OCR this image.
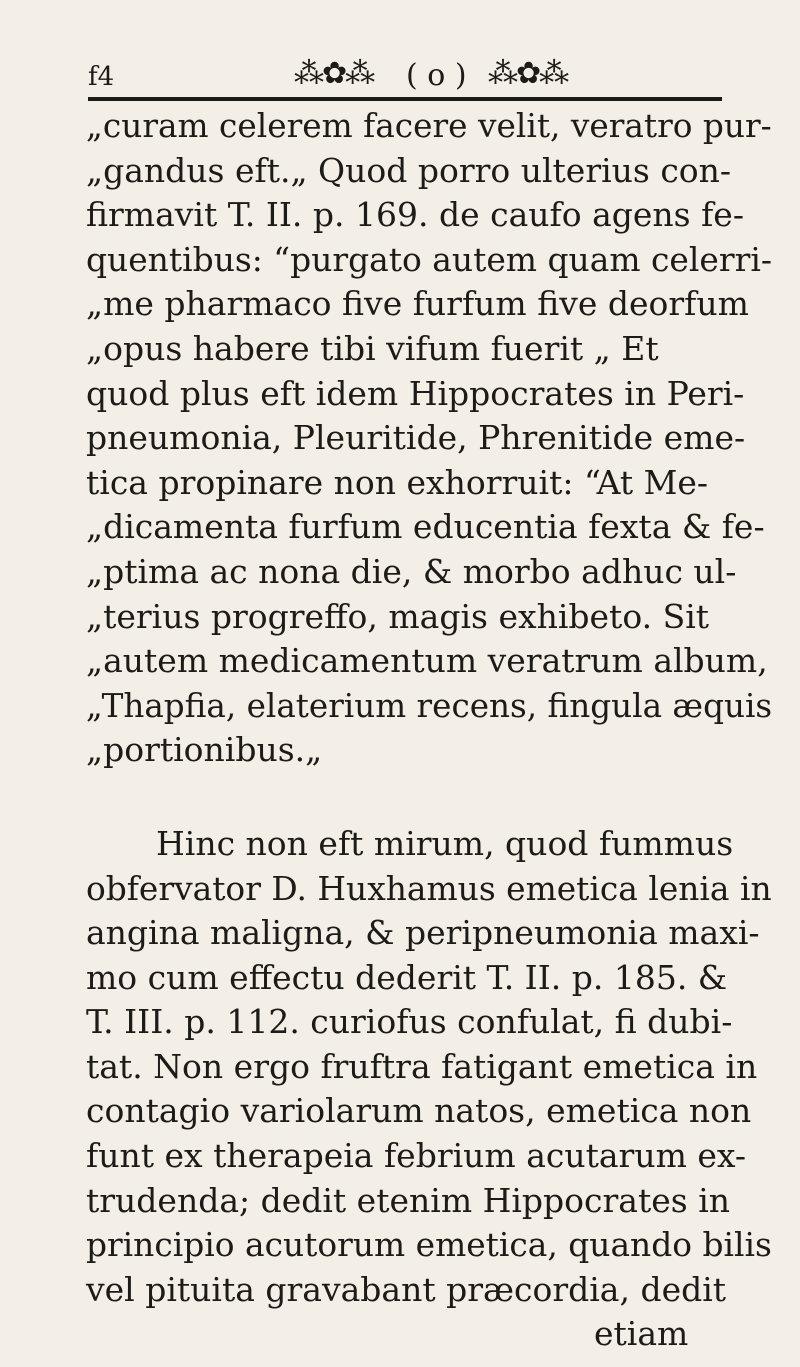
f4	⁂✿⁂ ( o ) ⁂✿⁂
„curam celerem facere velit, veratro pur-
„gandus eft.„ Quod porro ulterius con-
firmavit T. II. p. 169. de caufo agens fe-
quentibus: “purgato autem quam celerri-
„me pharmaco five furfum five deorfum
„opus habere tibi vifum fuerit „ Et
quod plus eft idem Hippocrates in Peri-
pneumonia, Pleuritide, Phrenitide eme-
tica propinare non exhorruit: “At Me-
„dicamenta furfum educentia fexta & fe-
„ptima ac nona die, & morbo adhuc ul-
„terius progreffo, magis exhibeto. Sit
„autem medicamentum veratrum album,
„Thapfia, elaterium recens, fingula æquis
„portionibus.„
Hinc non eft mirum, quod fummus
obfervator D. Huxhamus emetica lenia in
angina maligna, & peripneumonia maxi-
mo cum effectu dederit T. II. p. 185. &
T. III. p. 112. curiofus confulat, fi dubi-
tat. Non ergo fruftra fatigant emetica in
contagio variolarum natos, emetica non
funt ex therapeia febrium acutarum ex-
trudenda; dedit etenim Hippocrates in
principio acutorum emetica, quando bilis
vel pituita gravabant præcordia, dedit
etiam
